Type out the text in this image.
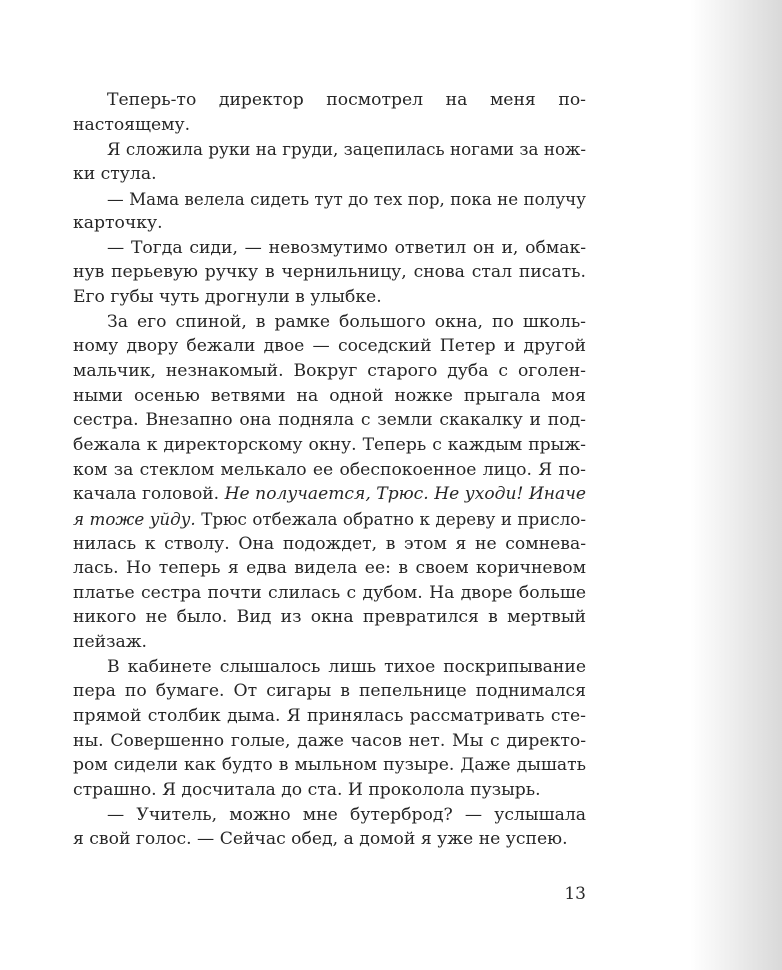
Теперь-то директор посмотрел на меня по-
настоящему.

Я сложила руки на груди, зацепилась ногами за нож-
ки стула.

— Мама велела сидеть тут до тех пор, пока не получу
карточку.

— Тогда сиди, — невозмутимо ответил он и, обмак-
нув перьевую ручку в чернильницу, снова стал писать.
Его губы чуть дрогнули в улыбке.

За его спиной, в рамке большого окна, по школь-
ному двору бежали двое — соседский Петер и другой
мальчик, незнакомый. Вокруг старого дуба с оголен-
ными осенью ветвями на одной ножке прыгала моя
сестра. Внезапно она подняла с земли скакалку и под-
бежала к директорскому окну. Теперь с каждым прыж-
ком за стеклом мелькало ее обеспокоенное лицо. Я по-
качала головой. Не получается, Трюс. Не уходи! Иначе
я тоже уйду. Трюс отбежала обратно к дереву и присло-
нилась к стволу. Она подождет, в этом я не сомнева-
лась. Но теперь я едва видела ее: в своем коричневом
платье сестра почти слилась с дубом. На дворе больше
никого не было. Вид из окна превратился в мертвый
пейзаж.

В кабинете слышалось лишь тихое поскрипывание
пера по бумаге. От сигары в пепельнице поднимался
прямой столбик дыма. Я принялась рассматривать сте-
ны. Совершенно голые, даже часов нет. Мы с директо-
ром сидели как будто в мыльном пузыре. Даже дышать
страшно. Я досчитала до ста. И проколола пузырь.

— Учитель, можно мне бутерброд? — услышала
я свой голос. — Сейчас обед, а домой я уже не успею.

13
